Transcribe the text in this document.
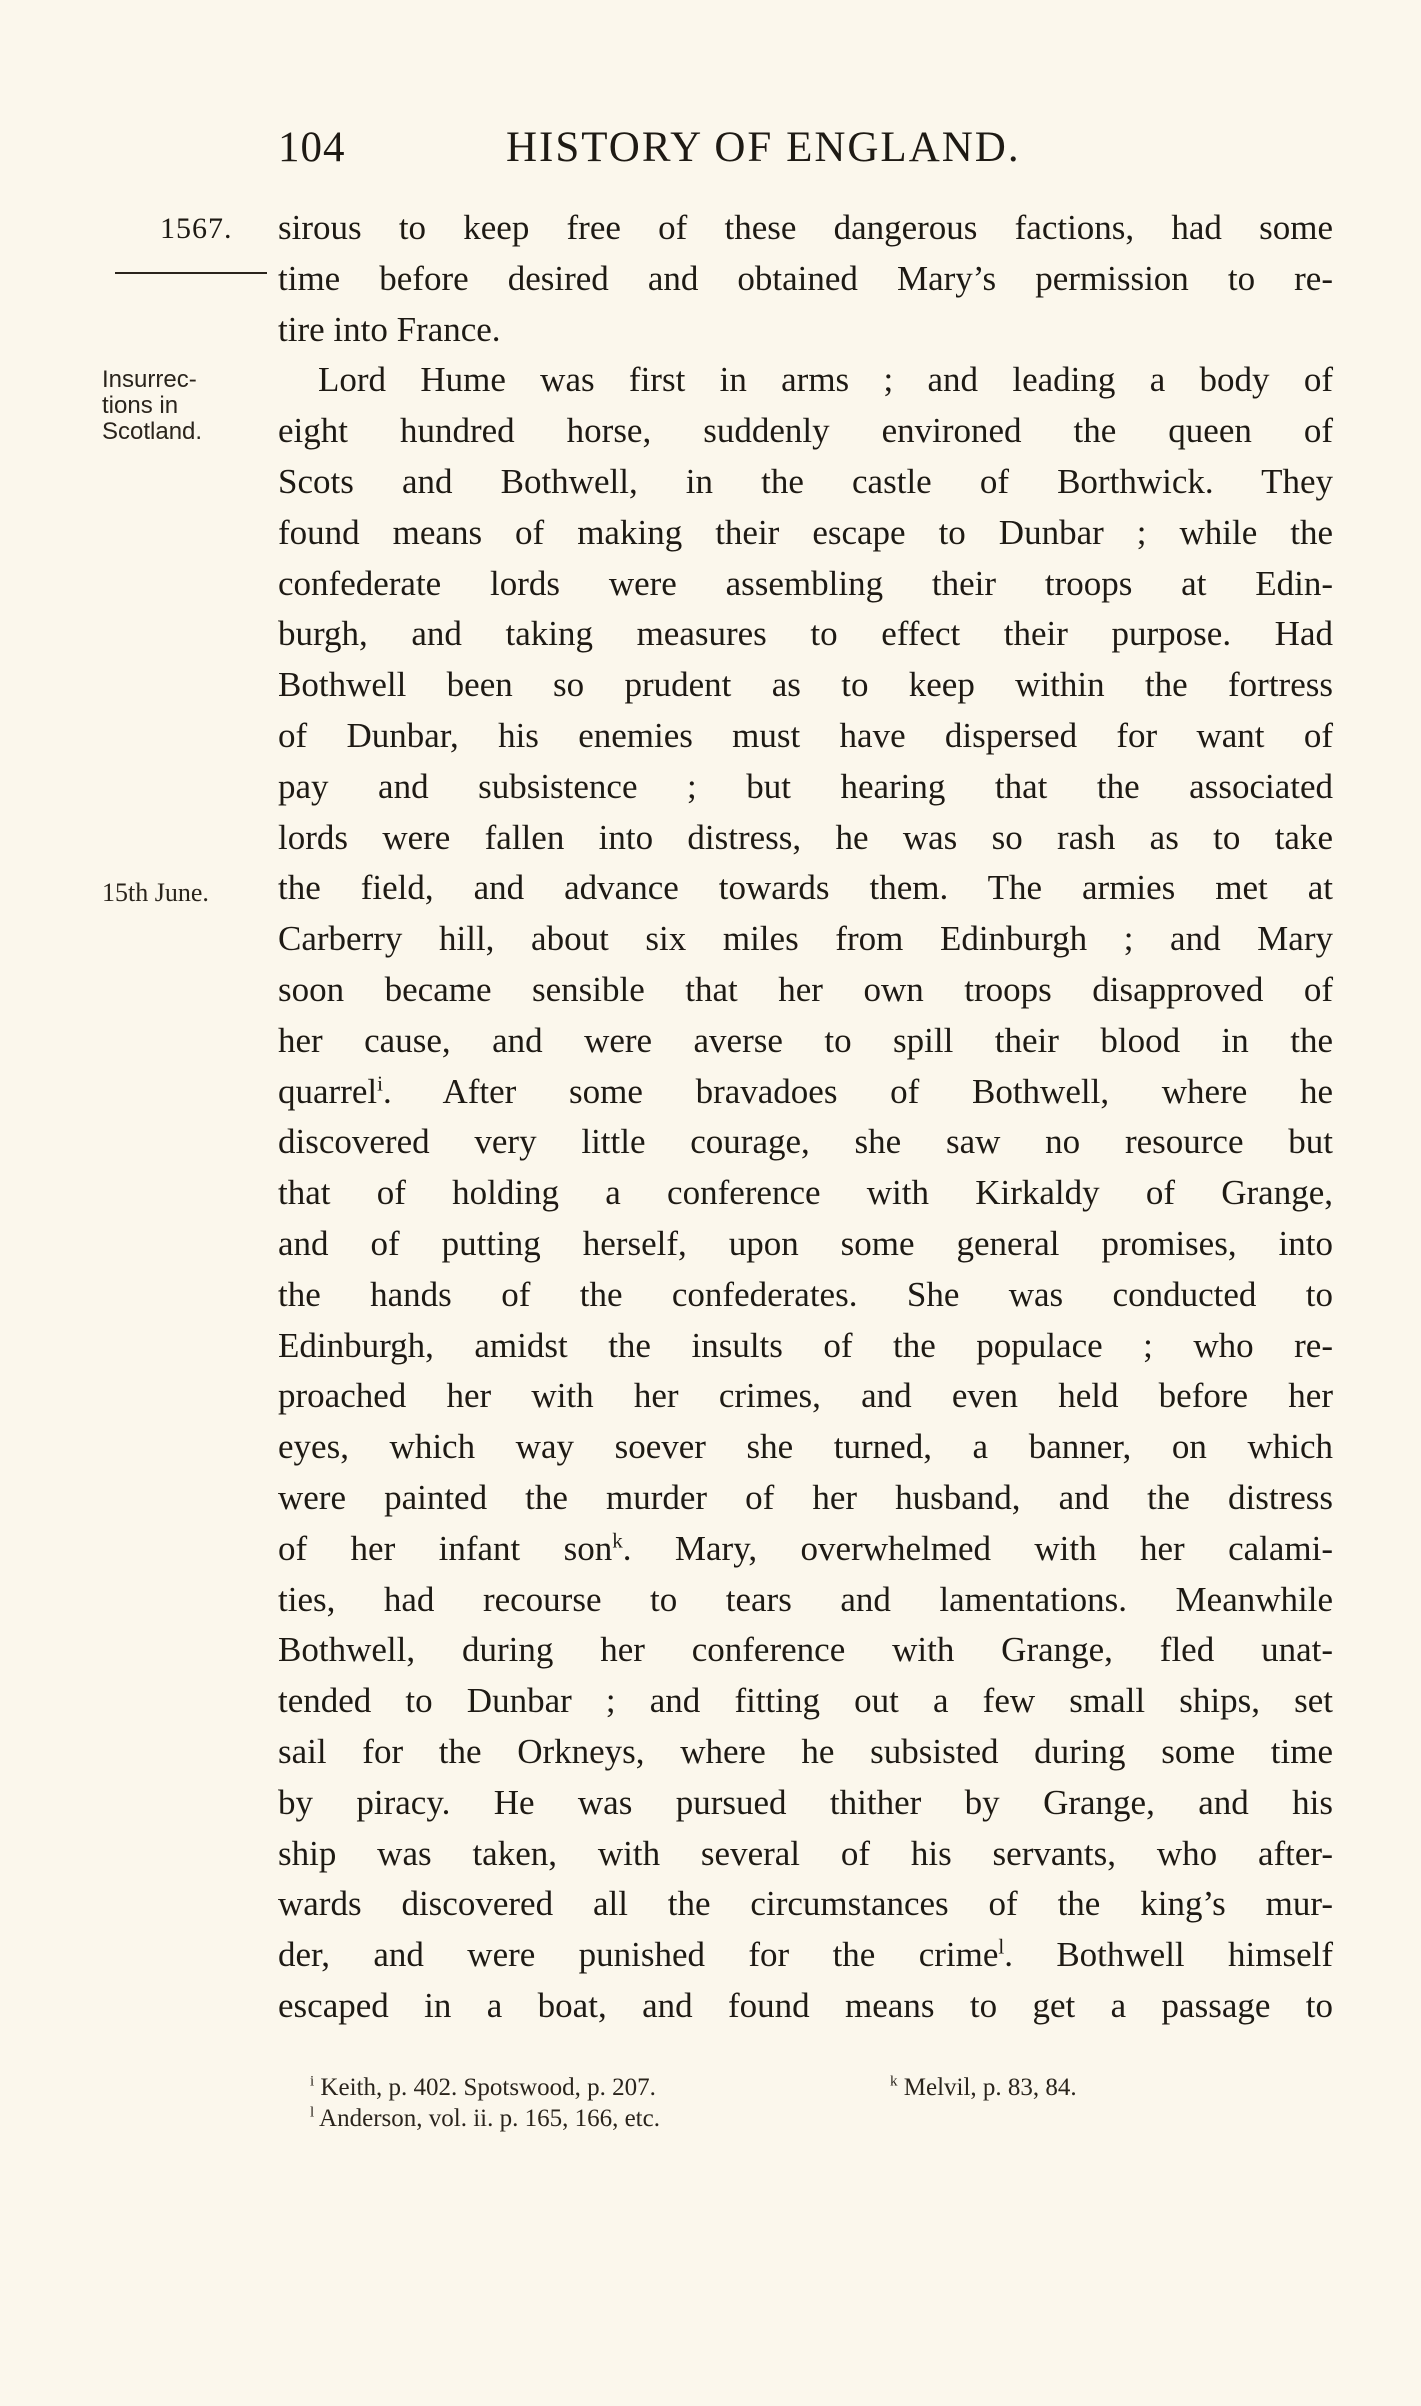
104	HISTORY OF ENGLAND.
1567.
Insurrec-
tions in
Scotland.
15th June.
sirous to keep free of these dangerous factions, had some
time before desired and obtained Mary’s permission to re-
tire into France.
Lord Hume was first in arms ; and leading a body of
eight hundred horse, suddenly environed the queen of
Scots and Bothwell, in the castle of Borthwick. They
found means of making their escape to Dunbar ; while the
confederate lords were assembling their troops at Edin-
burgh, and taking measures to effect their purpose. Had
Bothwell been so prudent as to keep within the fortress
of Dunbar, his enemies must have dispersed for want of
pay and subsistence ; but hearing that the associated
lords were fallen into distress, he was so rash as to take
the field, and advance towards them. The armies met at
Carberry hill, about six miles from Edinburgh ; and Mary
soon became sensible that her own troops disapproved of
her cause, and were averse to spill their blood in the
quarrel$^i$. After some bravadoes of Bothwell, where he
discovered very little courage, she saw no resource but
that of holding a conference with Kirkaldy of Grange,
and of putting herself, upon some general promises, into
the hands of the confederates. She was conducted to
Edinburgh, amidst the insults of the populace ; who re-
proached her with her crimes, and even held before her
eyes, which way soever she turned, a banner, on which
were painted the murder of her husband, and the distress
of her infant son$^k$. Mary, overwhelmed with her calami-
ties, had recourse to tears and lamentations. Meanwhile
Bothwell, during her conference with Grange, fled unat-
tended to Dunbar ; and fitting out a few small ships, set
sail for the Orkneys, where he subsisted during some time
by piracy. He was pursued thither by Grange, and his
ship was taken, with several of his servants, who after-
wards discovered all the circumstances of the king’s mur-
der, and were punished for the crime$^l$. Bothwell himself
escaped in a boat, and found means to get a passage to
$^i$ Keith, p. 402. Spotswood, p. 207.	$^k$ Melvil, p. 83, 84.
$^l$ Anderson, vol. ii. p. 165, 166, etc.
